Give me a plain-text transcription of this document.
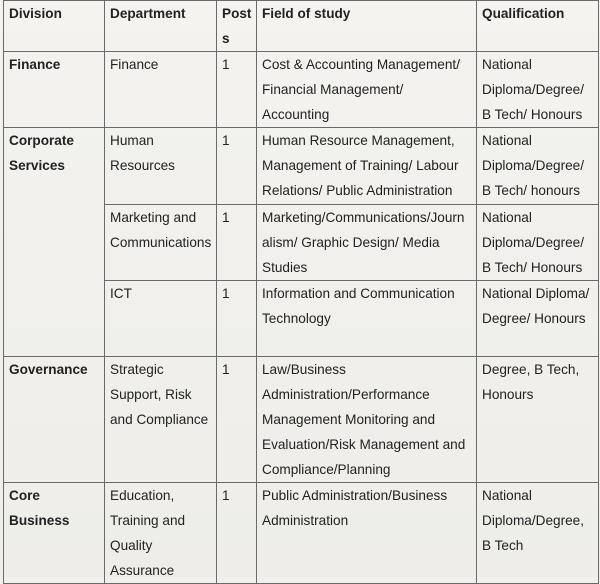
Division	Department	Post s	Field of study	Qualification
Finance	Finance	1	Cost & Accounting Management/ Financial Management/ Accounting	National Diploma/Degree/ B Tech/ Honours
Corporate Services	Human Resources	1	Human Resource Management, Management of Training/ Labour Relations/ Public Administration	National Diploma/Degree/ B Tech/ honours
	Marketing and Communications	1	Marketing/Communications/Journalism/ Graphic Design/ Media Studies	National Diploma/Degree/ B Tech/ Honours
	ICT	1	Information and Communication Technology	National Diploma/ Degree/ Honours
Governance	Strategic Support, Risk and Compliance	1	Law/Business Administration/Performance Management Monitoring and Evaluation/Risk Management and Compliance/Planning	Degree, B Tech, Honours
Core Business	Education, Training and Quality Assurance	1	Public Administration/Business Administration	National Diploma/Degree, B Tech
